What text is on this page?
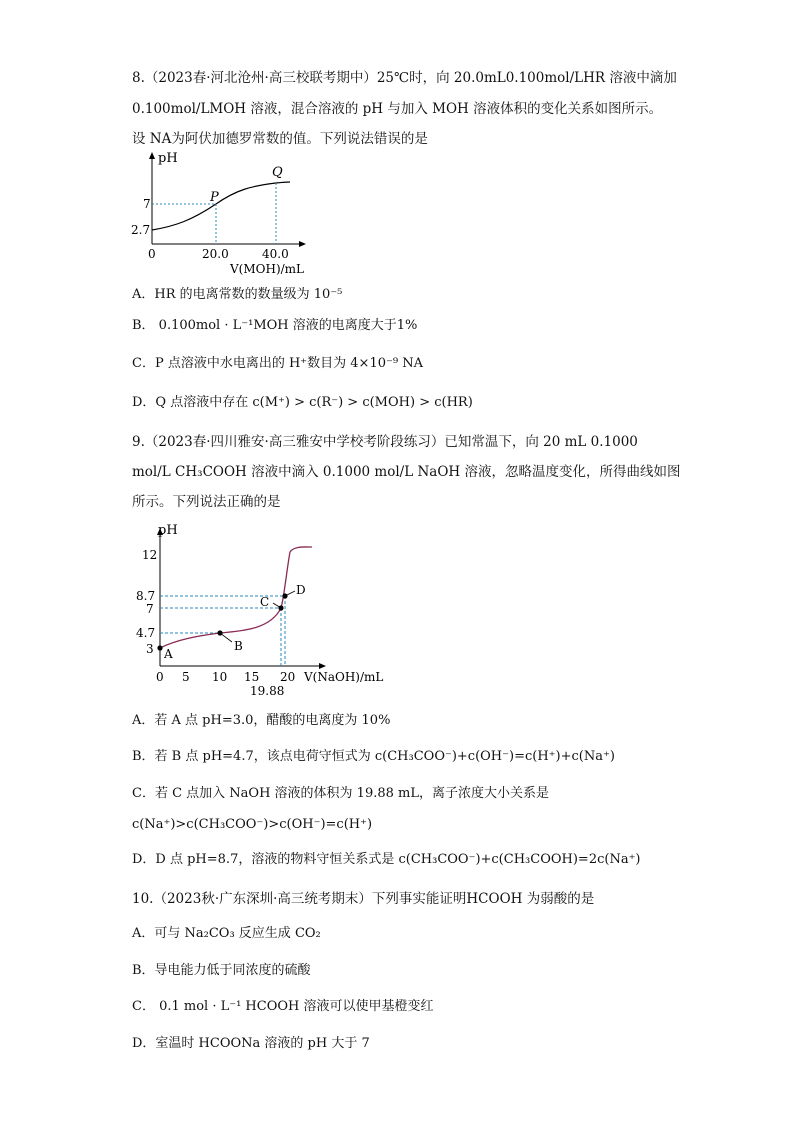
8.（2023春·河北沧州·高三校联考期中）25℃时，向 20.0mL0.100mol/LHR 溶液中滴加
0.100mol/LMOH 溶液，混合溶液的 pH 与加入 MOH 溶液体积的变化关系如图所示。
设 NA为阿伏加德罗常数的值。下列说法错误的是
pH
7
2.7
0	20.0	40.0
V(MOH)/mL
P
Q
A．HR 的电离常数的数量级为 10⁻⁵
B． 0.100mol · L⁻¹MOH 溶液的电离度大于1%
C．P 点溶液中水电离出的 H⁺数目为 4×10⁻⁹ NA
D．Q 点溶液中存在 c(M⁺) > c(R⁻) > c(MOH) > c(HR)
9.（2023春·四川雅安·高三雅安中学校考阶段练习）已知常温下，向 20 mL 0.1000
mol/L CH₃COOH 溶液中滴入 0.1000 mol/L NaOH 溶液，忽略温度变化，所得曲线如图
所示。下列说法正确的是
pH
12
8.7
7
4.7
3
0 5 10 15 20
19.88
V(NaOH)/mL
A
B
C
D
A．若 A 点 pH=3.0，醋酸的电离度为 10%
B．若 B 点 pH=4.7，该点电荷守恒式为 c(CH₃COO⁻)+c(OH⁻)=c(H⁺)+c(Na⁺)
C．若 C 点加入 NaOH 溶液的体积为 19.88 mL，离子浓度大小关系是
c(Na⁺)>c(CH₃COO⁻)>c(OH⁻)=c(H⁺)
D．D 点 pH=8.7，溶液的物料守恒关系式是 c(CH₃COO⁻)+c(CH₃COOH)=2c(Na⁺)
10.（2023秋·广东深圳·高三统考期末）下列事实能证明HCOOH 为弱酸的是
A．可与 Na₂CO₃ 反应生成 CO₂
B．导电能力低于同浓度的硫酸
C． 0.1 mol · L⁻¹ HCOOH 溶液可以使甲基橙变红
D．室温时 HCOONa 溶液的 pH 大于 7
